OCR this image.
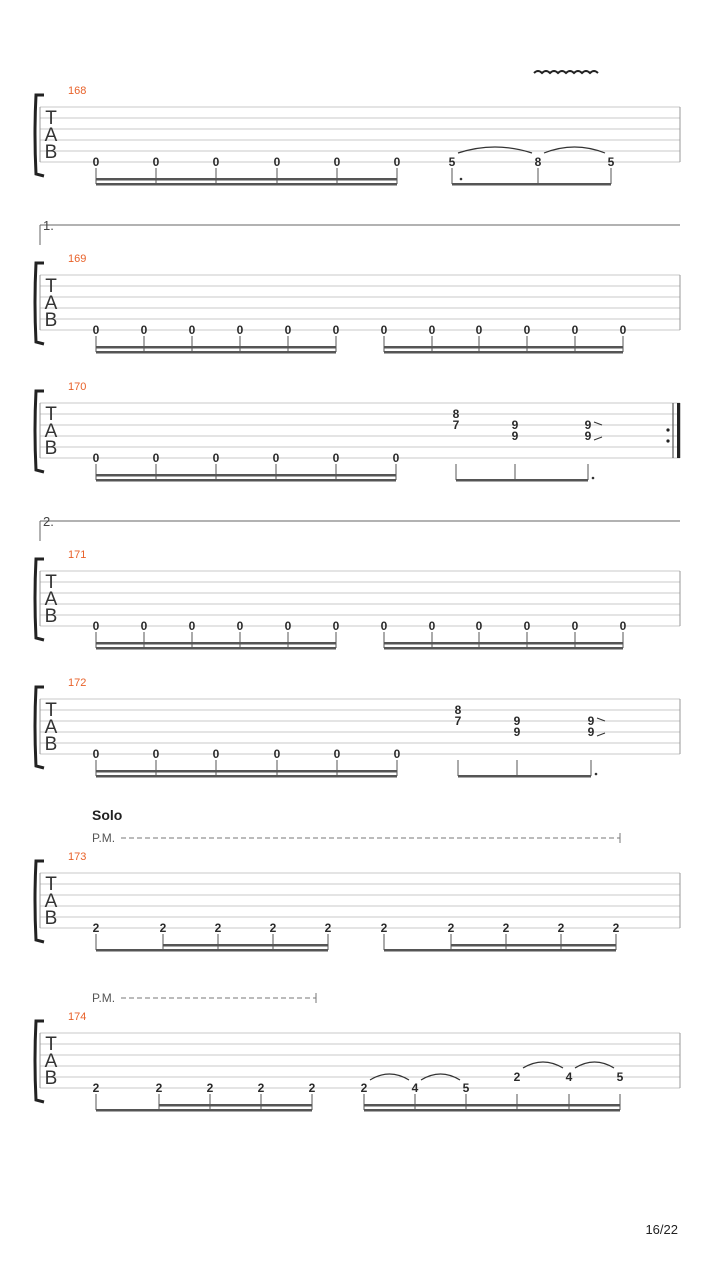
168
T
A
B	0	0	0	0	0	0	5	8	5
1.
169
T
A
B	0	0	0	0	0	0	0	0	0	0	0	0
170
T
A
B	0	0	0	0	0	0
8
7	9
9
9
9
2.
171
T
A
B	0	0	0	0	0	0	0	0	0	0	0	0
172
T
A
B	0	0	0	0	0	0
8
7	9
9
9
9
Solo
P.M.
173
T
A
B	2	2	2	2	2	2	2	2	2	2
P.M.
174
T
A
B	2	2	2	2	2	2	4	5
2	4	5
16/22
